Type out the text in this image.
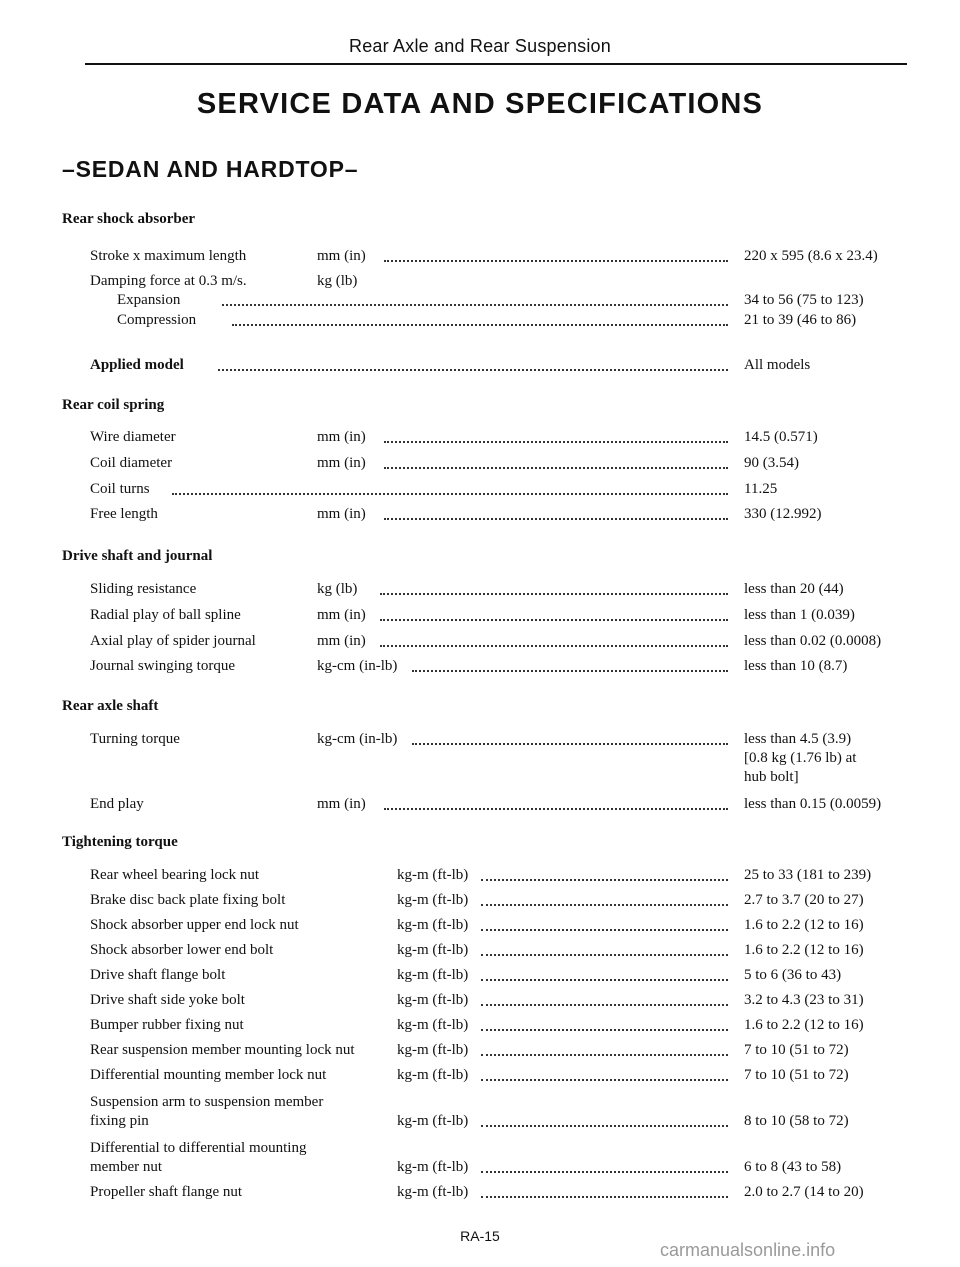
Rear Axle and Rear Suspension
SERVICE DATA AND SPECIFICATIONS
–SEDAN AND HARDTOP–
Rear shock absorber
Stroke x maximum length	mm (in)	220 x 595 (8.6 x 23.4)
Damping force at 0.3 m/s.	kg (lb)
Expansion	34 to 56 (75 to 123)
Compression	21 to 39 (46 to 86)
Applied model	All models
Rear coil spring
Wire diameter	mm (in)	14.5 (0.571)
Coil diameter	mm (in)	90 (3.54)
Coil turns	11.25
Free length	mm (in)	330 (12.992)
Drive shaft and journal
Sliding resistance	kg (lb)	less than 20 (44)
Radial play of ball spline	mm (in)	less than 1 (0.039)
Axial play of spider journal	mm (in)	less than 0.02 (0.0008)
Journal swinging torque	kg-cm (in-lb)	less than 10 (8.7)
Rear axle shaft
Turning torque	kg-cm (in-lb)	less than 4.5 (3.9)
[0.8 kg (1.76 lb) at
hub bolt]
End play	mm (in)	less than 0.15 (0.0059)
Tightening torque
Rear wheel bearing lock nut	kg-m (ft-lb)	25 to 33 (181 to 239)
Brake disc back plate fixing bolt	kg-m (ft-lb)	2.7 to 3.7 (20 to 27)
Shock absorber upper end lock nut	kg-m (ft-lb)	1.6 to 2.2 (12 to 16)
Shock absorber lower end bolt	kg-m (ft-lb)	1.6 to 2.2 (12 to 16)
Drive shaft flange bolt	kg-m (ft-lb)	5 to 6 (36 to 43)
Drive shaft side yoke bolt	kg-m (ft-lb)	3.2 to 4.3 (23 to 31)
Bumper rubber fixing nut	kg-m (ft-lb)	1.6 to 2.2 (12 to 16)
Rear suspension member mounting lock nut	kg-m (ft-lb)	7 to 10 (51 to 72)
Differential mounting member lock nut	kg-m (ft-lb)	7 to 10 (51 to 72)
Suspension arm to suspension member
fixing pin	kg-m (ft-lb)	8 to 10 (58 to 72)
Differential to differential mounting
member nut	kg-m (ft-lb)	6 to 8 (43 to 58)
Propeller shaft flange nut	kg-m (ft-lb)	2.0 to 2.7 (14 to 20)
RA-15
carmanualsonline.info
